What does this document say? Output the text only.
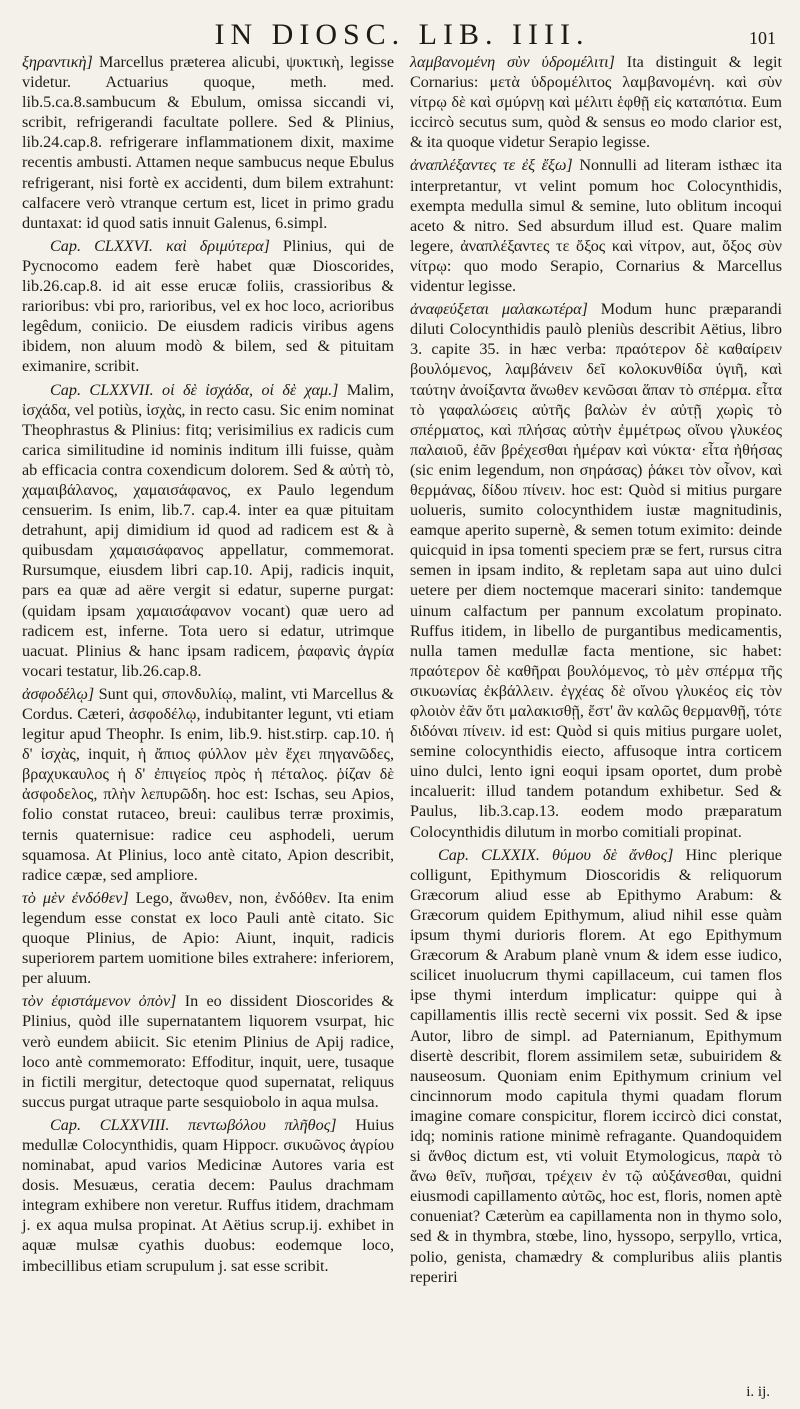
IN DIOSC. LIB. IIII.	101

ξηραντικὴ] Marcellus præterea alicubi, ψυκτικὴ, legisse videtur. Actuarius quoque, meth. med. lib.5.ca.8.sambucum & Ebulum, omissa siccandi vi, scribit, refrigerandi facultate pollere. Sed & Plinius, lib.24.cap.8. refrigerare inflammationem dixit, maxime recentis ambusti. Attamen neque sambucus neque Ebulus refrigerant, nisi fortè ex accidenti, dum bilem extrahunt: calfacere verò vtranque certum est, licet in primo gradu duntaxat: id quod satis innuit Galenus, 6.simpl.

Cap. CLXXVI. καὶ δριμύτερα] Plinius, qui de Pycnocomo eadem ferè habet quæ Dioscorides, lib.26.cap.8. id ait esse erucæ foliis, crassioribus & rarioribus: vbi pro, rarioribus, vel ex hoc loco, acrioribus legêdum, coniicio. De eiusdem radicis viribus agens ibidem, non aluum modò & bilem, sed & pituitam eximanire, scribit.

Cap. CLXXVII. οἱ δὲ ἰσχάδα, οἱ δὲ χαμ.] Malim, ἰσχάδα, vel potiùs, ἰσχὰς, in recto casu. Sic enim nominat Theophrastus & Plinius: fitq; verisimilius ex radicis cum carica similitudine id nominis inditum illi fuisse, quàm ab efficacia contra coxendicum dolorem. Sed & αὐτὴ τὸ, χαμαιβάλανος, χαμαισάφανος, ex Paulo legendum censuerim. Is enim, lib.7. cap.4. inter ea quæ pituitam detrahunt, apij dimidium id quod ad radicem est & à quibusdam χαμαισάφανος appellatur, commemorat. Rursumque, eiusdem libri cap.10. Apij, radicis inquit, pars ea quæ ad aëre vergit si edatur, superne purgat: (quidam ipsam χαμαισάφανον vocant) quæ uero ad radicem est, inferne. Tota uero si edatur, utrimque uacuat. Plinius & hanc ipsam radicem, ῥαφανὶς ἀγρία vocari testatur, lib.26.cap.8.

ἀσφοδέλῳ] Sunt qui, σπονδυλίῳ, malint, vti Marcellus & Cordus. Cæteri, ἀσφοδέλῳ, indubitanter legunt, vti etiam legitur apud Theophr. Is enim, lib.9. hist.stirp. cap.10. ἡ δ' ἰσχὰς, inquit, ἡ ἄπιος φύλλον μὲν ἔχει πηγανῶδες, βραχυκαυλος ἡ δ' ἐπιγείος πρὸς ἡ πέταλος. ῥίζαν δὲ ἀσφοδελος, πλὴν λεπυρῶδη. hoc est: Ischas, seu Apios, folio constat rutaceo, breui: caulibus terræ proximis, ternis quaternisue: radice ceu asphodeli, uerum squamosa. At Plinius, loco antè citato, Apion describit, radice cæpæ, sed ampliore.

τὸ μὲν ἐνδόθεν] Lego, ἄνωθεν, non, ἐνδόθεν. Ita enim legendum esse constat ex loco Pauli antè citato. Sic quoque Plinius, de Apio: Aiunt, inquit, radicis superiorem partem uomitione biles extrahere: inferiorem, per aluum.

τὸν ἐφιστάμενον ὀπὸν] In eo dissident Dioscorides & Plinius, quòd ille supernatantem liquorem vsurpat, hic verò eundem abiicit. Sic etenim Plinius de Apij radice, loco antè commemorato: Effoditur, inquit, uere, tusaque in fictili mergitur, detectoque quod supernatat, reliquus succus purgat utraque parte sesquiobolo in aqua mulsa.

Cap. CLXXVIII. πεντωβόλου πλῆθος] Huius medullæ Colocynthidis, quam Hippocr. σικυῶνος ἀγρίου nominabat, apud varios Medicinæ Autores varia est dosis. Mesuæus, ceratia decem: Paulus drachmam integram exhibere non veretur. Ruffus itidem, drachmam j. ex aqua mulsa propinat. At Aëtius scrup.ij. exhibet in aquæ mulsæ cyathis duobus: eodemque loco, imbecillibus etiam scrupulum j. sat esse scribit.

λαμβανομένη σὺν ὑδρομέλιτι] Ita distinguit & legit Cornarius: μετὰ ὑδρομέλιτος λαμβανομένη. καὶ σὺν νίτρῳ δὲ καὶ σμύρνῃ καὶ μέλιτι ἑφθῇ εἰς καταπότια. Eum iccircò secutus sum, quòd & sensus eo modo clarior est, & ita quoque videtur Serapio legisse.

ἀναπλέξαντες τε ἐξ ἔξω] Nonnulli ad literam isthæc ita interpretantur, vt velint pomum hoc Colocynthidis, exempta medulla simul & semine, luto oblitum incoqui aceto & nitro. Sed absurdum illud est. Quare malim legere, ἀναπλέξαντες τε ὄξος καὶ νίτρον, aut, ὄξος σὺν νίτρῳ: quo modo Serapio, Cornarius & Marcellus videntur legisse.

ἀναφεύξεται μαλακωτέρα] Modum hunc præparandi diluti Colocynthidis paulò pleniùs describit Aëtius, libro 3. capite 35. in hæc verba: πραότερον δὲ καθαίρειν βουλόμενος, λαμβάνειν δεῖ κολοκυνθίδα ὑγιῆ, καὶ ταύτην ἀνοίξαντα ἄνωθεν κενῶσαι ἅπαν τὸ σπέρμα. εἶτα τὸ γαφαλώσεις αὐτῆς βαλὼν ἐν αὐτῇ χωρὶς τὸ σπέρματος, καὶ πλήσας αὐτὴν ἐμμέτρως οἴνου γλυκέος παλαιοῦ, ἐᾶν βρέχεσθαι ἡμέραν καὶ νύκτα· εἶτα ἠθήσας (sic enim legendum, non σηράσας) ῥάκει τὸν οἶνον, καὶ θερμάνας, δίδου πίνειν. hoc est: Quòd si mitius purgare uolueris, sumito colocynthidem iustæ magnitudinis, eamque aperito supernè, & semen totum eximito: deinde quicquid in ipsa tomenti speciem præ se fert, rursus citra semen in ipsam indito, & repletam sapa aut uino dulci uetere per diem noctemque macerari sinito: tandemque uinum calfactum per pannum excolatum propinato. Ruffus itidem, in libello de purgantibus medicamentis, nulla tamen medullæ facta mentione, sic habet: πραότερον δὲ καθῆραι βουλόμενος, τὸ μὲν σπέρμα τῆς σικυωνίας ἐκβάλλειν. ἐγχέας δὲ οἴνου γλυκέος εἰς τὸν φλοιὸν ἐᾶν ὅτι μαλακισθῇ, ἔστ' ἂν καλῶς θερμανθῇ, τότε διδόναι πίνειν. id est: Quòd si quis mitius purgare uolet, semine colocynthidis eiecto, affusoque intra corticem uino dulci, lento igni eoqui ipsam oportet, dum probè incaluerit: illud tandem potandum exhibetur. Sed & Paulus, lib.3.cap.13. eodem modo præparatum Colocynthidis dilutum in morbo comitiali propinat.

Cap. CLXXIX. θύμου δὲ ἄνθος] Hinc plerique colligunt, Epithymum Dioscoridis & reliquorum Græcorum aliud esse ab Epithymo Arabum: & Græcorum quidem Epithymum, aliud nihil esse quàm ipsum thymi durioris florem. At ego Epithymum Græcorum & Arabum planè vnum & idem esse iudico, scilicet inuolucrum thymi capillaceum, cui tamen flos ipse thymi interdum implicatur: quippe qui à capillamentis illis rectè secerni vix possit. Sed & ipse Autor, libro de simpl. ad Paternianum, Epithymum disertè describit, florem assimilem setæ, subuiridem & nauseosum. Quoniam enim Epithymum crinium vel cincinnorum modo capitula thymi quadam florum imagine comare conspicitur, florem iccircò dici constat, idq; nominis ratione minimè refragante. Quandoquidem si ἄνθος dictum est, vti voluit Etymologicus, παρὰ τὸ ἄνω θεῖν, πυῆσαι, τρέχειν ἐν τῷ αὐξάνεσθαι, quidni eiusmodi capillamento αὐτῶς, hoc est, floris, nomen aptè conueniat? Cæterùm ea capillamenta non in thymo solo, sed & in thymbra, stœbe, lino, hyssopo, serpyllo, vrtica, polio, genista, chamædry & compluribus aliis plantis reperiri

i. ij.
